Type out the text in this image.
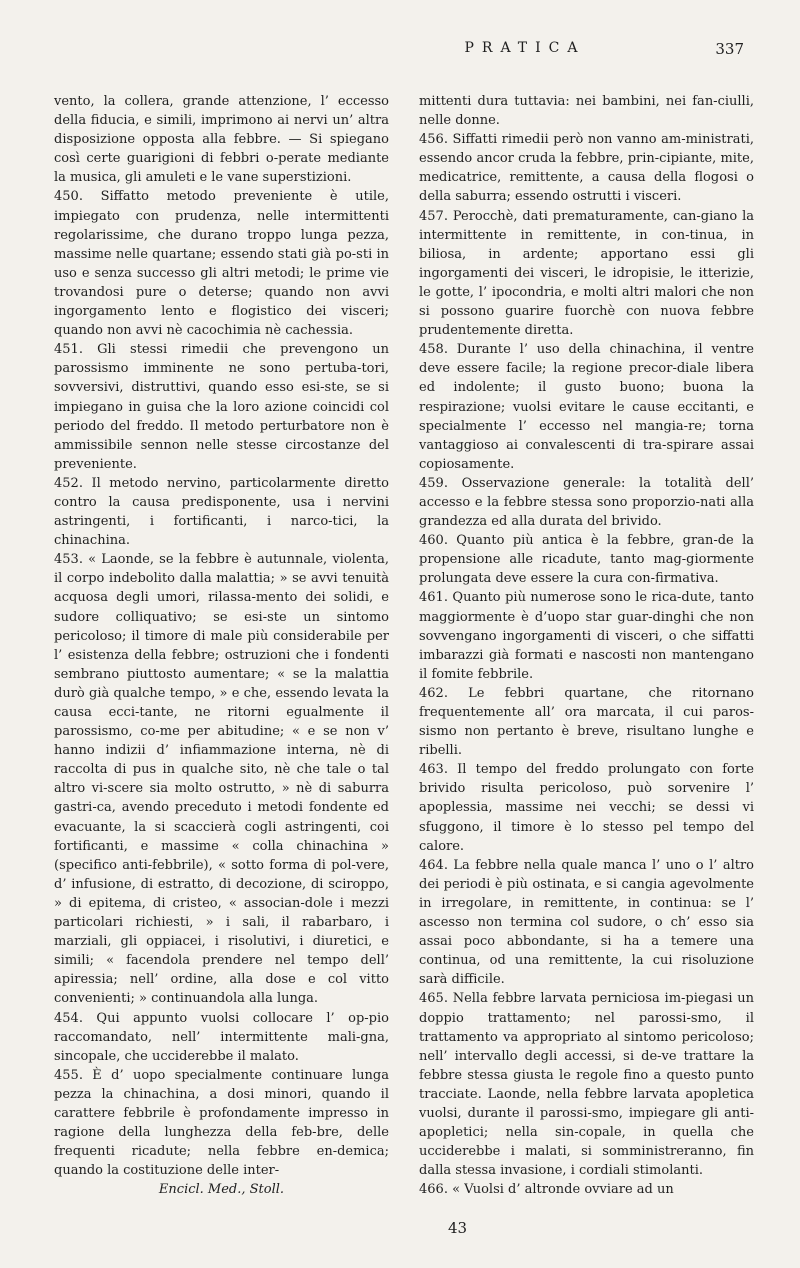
PRATICA	337

vento, la collera, grande attenzione, l’ eccesso della fiducia, e simili, imprimono ai nervi un’ altra disposizione opposta alla febbre. — Si spiegano così certe guarigioni di febbri o-perate mediante la musica, gli amuleti e le vane superstizioni.

450. Siffatto metodo preveniente è utile, impiegato con prudenza, nelle intermittenti regolarissime, che durano troppo lunga pezza, massime nelle quartane; essendo stati già po-sti in uso e senza successo gli altri metodi; le prime vie trovandosi pure o deterse; quando non avvi ingorgamento lento e flogistico dei visceri; quando non avvi nè cacochimia nè cachessia.

451. Gli stessi rimedii che prevengono un parossismo imminente ne sono pertuba-tori, sovversivi, distruttivi, quando esso esi-ste, se si impiegano in guisa che la loro azione coincidi col periodo del freddo. Il metodo perturbatore non è ammissibile sennon nelle stesse circostanze del preveniente.

452. Il metodo nervino, particolarmente diretto contro la causa predisponente, usa i nervini astringenti, i fortificanti, i narco-tici, la chinachina.

453. « Laonde, se la febbre è autunnale, violenta, il corpo indebolito dalla malattia; » se avvi tenuità acquosa degli umori, rilassa-mento dei solidi, e sudore colliquativo; se esi-ste un sintomo pericoloso; il timore di male più considerabile per l’ esistenza della febbre; ostruzioni che i fondenti sembrano piuttosto aumentare; « se la malattia durò già qualche tempo, » e che, essendo levata la causa ecci-tante, ne ritorni egualmente il parossismo, co-me per abitudine; « e se non v’ hanno indizii d’ infiammazione interna, nè di raccolta di pus in qualche sito, nè che tale o tal altro vi-scere sia molto ostrutto, » nè di saburra gastri-ca, avendo preceduto i metodi fondente ed evacuante, la si scaccierà cogli astringenti, coi fortificanti, e massime « colla chinachina » (specifico anti-febbrile), « sotto forma di pol-vere, d’ infusione, di estratto, di decozione, di sciroppo, » di epitema, di cristeo, « associan-dole i mezzi particolari richiesti, » i sali, il rabarbaro, i marziali, gli oppiacei, i risolutivi, i diuretici, e simili; « facendola prendere nel tempo dell’ apiressia; nell’ ordine, alla dose e col vitto convenienti; » continuandola alla lunga.

454. Qui appunto vuolsi collocare l’ op-pio raccomandato, nell’ intermittente mali-gna, sincopale, che ucciderebbe il malato.

455. È d’ uopo specialmente continuare lunga pezza la chinachina, a dosi minori, quando il carattere febbrile è profondamente impresso in ragione della lunghezza della feb-bre, delle frequenti ricadute; nella febbre en-demica; quando la costituzione delle inter-

Encicl. Med., Stoll.

mittenti dura tuttavia: nei bambini, nei fan-ciulli, nelle donne.

456. Siffatti rimedii però non vanno am-ministrati, essendo ancor cruda la febbre, prin-cipiante, mite, medicatrice, remittente, a causa della flogosi o della saburra; essendo ostrutti i visceri.

457. Perocchè, dati prematuramente, can-giano la intermittente in remittente, in con-tinua, in biliosa, in ardente; apportano essi gli ingorgamenti dei visceri, le idropisie, le itterizie, le gotte, l’ ipocondria, e molti altri malori che non si possono guarire fuorchè con nuova febbre prudentemente diretta.

458. Durante l’ uso della chinachina, il ventre deve essere facile; la regione precor-diale libera ed indolente; il gusto buono; buona la respirazione; vuolsi evitare le cause eccitanti, e specialmente l’ eccesso nel mangia-re; torna vantaggioso ai convalescenti di tra-spirare assai copiosamente.

459. Osservazione generale: la totalità dell’ accesso e la febbre stessa sono proporzio-nati alla grandezza ed alla durata del brivido.

460. Quanto più antica è la febbre, gran-de la propensione alle ricadute, tanto mag-giormente prolungata deve essere la cura con-firmativa.

461. Quanto più numerose sono le rica-dute, tanto maggiormente è d’uopo star guar-dinghi che non sovvengano ingorgamenti di visceri, o che siffatti imbarazzi già formati e nascosti non mantengano il fomite febbrile.

462. Le febbri quartane, che ritornano frequentemente all’ ora marcata, il cui paros-sismo non pertanto è breve, risultano lunghe e ribelli.

463. Il tempo del freddo prolungato con forte brivido risulta pericoloso, può sorvenire l’ apoplessia, massime nei vecchi; se dessi vi sfuggono, il timore è lo stesso pel tempo del calore.

464. La febbre nella quale manca l’ uno o l’ altro dei periodi è più ostinata, e si cangia agevolmente in irregolare, in remittente, in continua: se l’ ascesso non termina col sudore, o ch’ esso sia assai poco abbondante, si ha a temere una continua, od una remittente, la cui risoluzione sarà difficile.

465. Nella febbre larvata perniciosa im-piegasi un doppio trattamento; nel parossi-smo, il trattamento va appropriato al sintomo pericoloso; nell’ intervallo degli accessi, si de-ve trattare la febbre stessa giusta le regole fino a questo punto tracciate. Laonde, nella febbre larvata apopletica vuolsi, durante il parossi-smo, impiegare gli anti-apopletici; nella sin-copale, in quella che ucciderebbe i malati, si somministreranno, fin dalla stessa invasione, i cordiali stimolanti.

466. « Vuolsi d’ altronde ovviare ad un

43
